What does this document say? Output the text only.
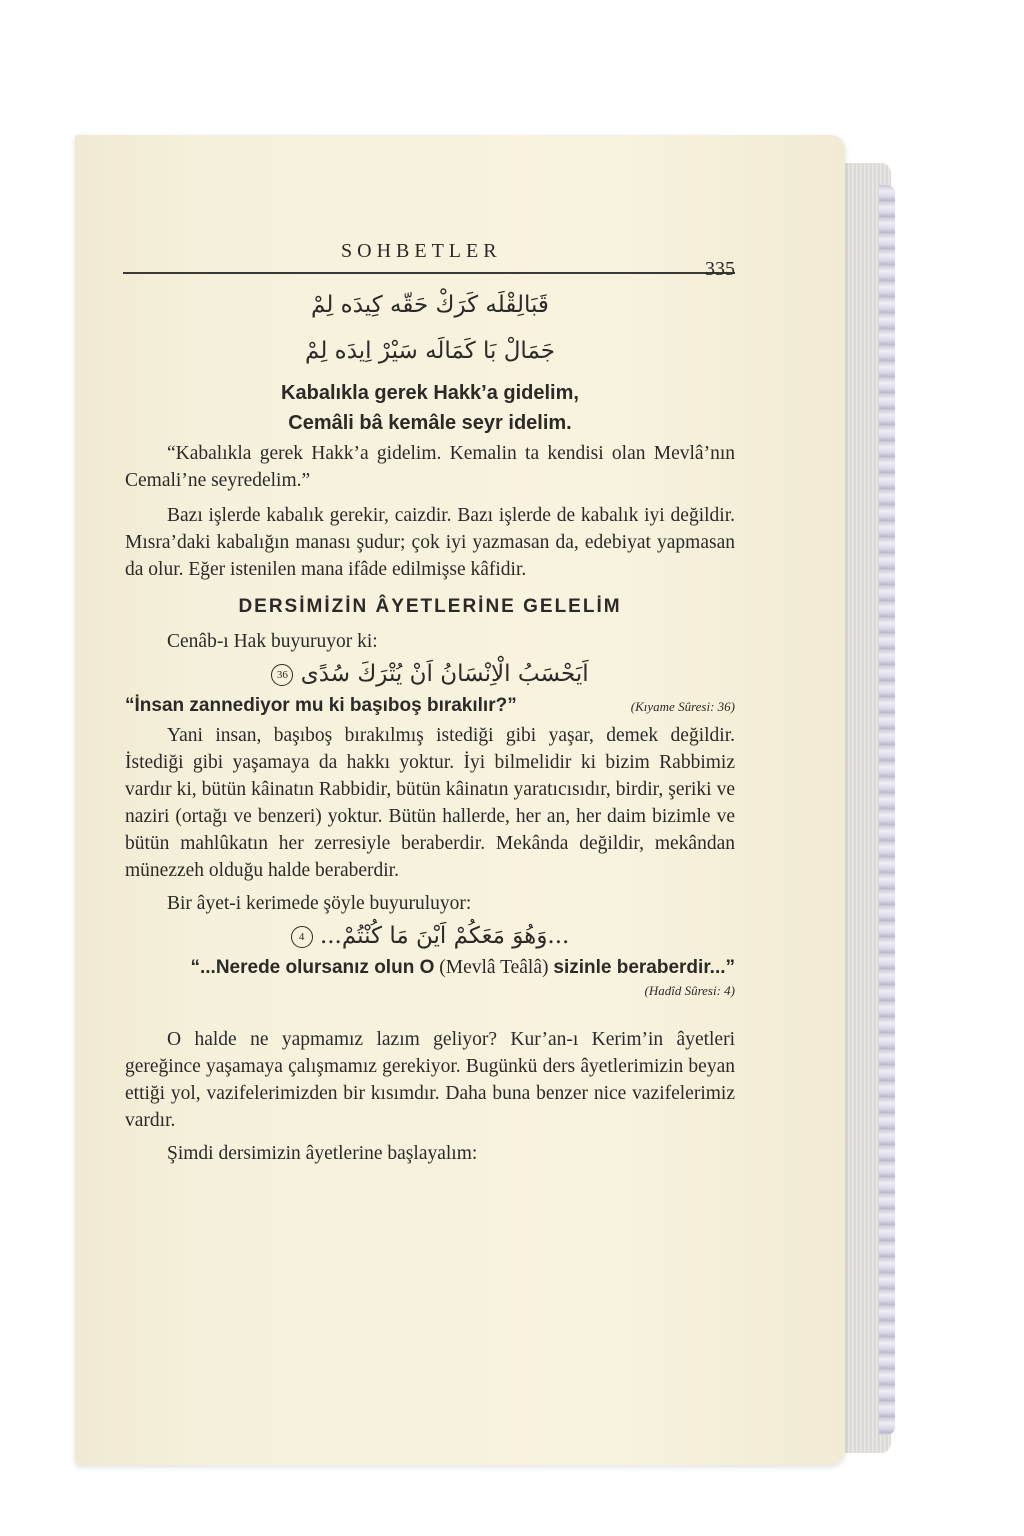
SOHBETLER
335

قَبَالِقْلَه كَرَكْ حَقّه كِيدَه لِمْ

جَمَالْ بَا كَمَالَه سَيْرْ اِيدَه لِمْ

Kabalıkla gerek Hakk’a gidelim,
Cemâli bâ kemâle seyr idelim.

“Kabalıkla gerek Hakk’a gidelim. Kemalin ta kendisi olan Mevlâ’nın Cemali’ne seyredelim.”

Bazı işlerde kabalık gerekir, caizdir. Bazı işlerde de kabalık iyi değildir. Mısra’daki kabalığın manası şudur; çok iyi yazmasan da, edebiyat yapmasan da olur. Eğer istenilen mana ifâde edilmişse kâfidir.

DERSİMİZİN ÂYETLERİNE GELELİM

Cenâb-ı Hak buyuruyor ki:

اَيَحْسَبُ الْاِنْسَانُ اَنْ يُتْرَكَ سُدًى 36
“İnsan zannediyor mu ki başıboş bırakılır?”	(Kıyame Sûresi: 36)

Yani insan, başıboş bırakılmış istediği gibi yaşar, demek değildir. İstediği gibi yaşamaya da hakkı yoktur. İyi bilmelidir ki bizim Rabbimiz vardır ki, bütün kâinatın Rabbidir, bütün kâinatın yaratıcısıdır, birdir, şeriki ve naziri (ortağı ve benzeri) yoktur. Bütün hallerde, her an, her daim bizimle ve bütün mahlûkatın her zerresiyle beraberdir. Mekânda değildir, mekândan münezzeh olduğu halde beraberdir.

Bir âyet-i kerimede şöyle buyuruluyor:

...وَهُوَ مَعَكُمْ اَيْنَ مَا كُنْتُمْ... 4
“...Nerede olursanız olun O (Mevlâ Teâlâ) sizinle beraberdir...”
(Hadîd Sûresi: 4)

O halde ne yapmamız lazım geliyor? Kur’an-ı Kerim’in âyetleri gereğince yaşamaya çalışmamız gerekiyor. Bugünkü ders âyetlerimizin beyan ettiği yol, vazifelerimizden bir kısımdır. Daha buna benzer nice vazifelerimiz vardır.

Şimdi dersimizin âyetlerine başlayalım:
